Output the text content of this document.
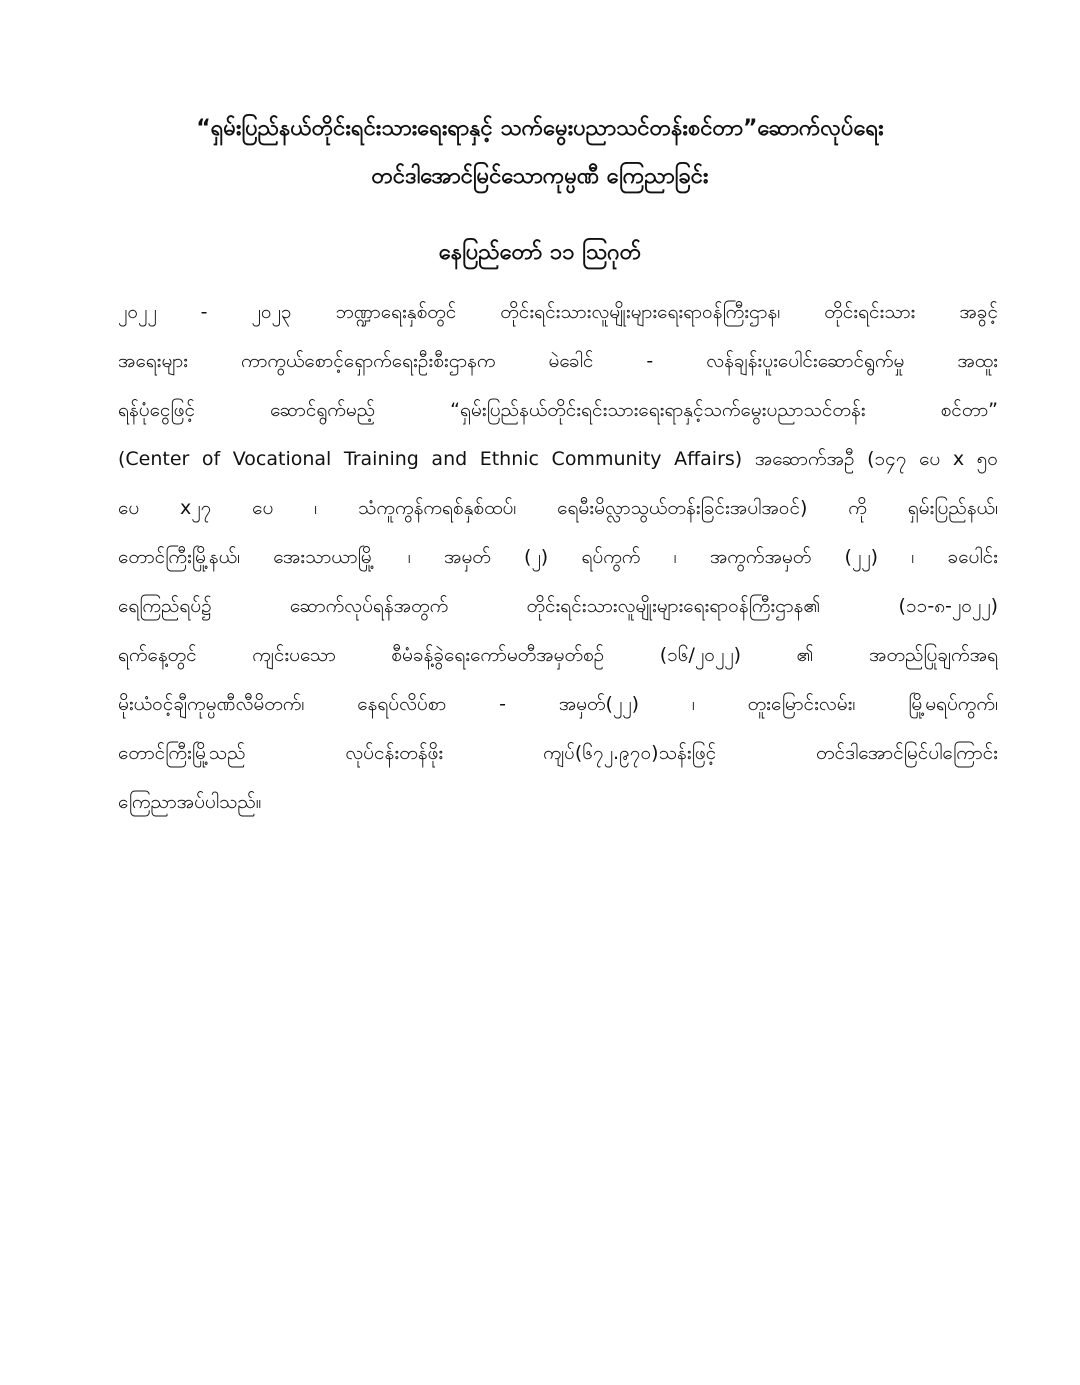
“ရှမ်းပြည်နယ်တိုင်းရင်းသားရေးရာနှင့် သက်မွေးပညာသင်တန်းစင်တာ”ဆောက်လုပ်ရေး
တင်ဒါအောင်မြင်သောကုမ္ပဏီ ကြေညာခြင်း
နေပြည်တော် ၁၁ ဩဂုတ်
၂၀၂၂ - ၂၀၂၃ ဘဏ္ဍာရေးနှစ်တွင် တိုင်းရင်းသားလူမျိုးများရေးရာဝန်ကြီးဌာန၊ တိုင်းရင်းသား အခွင့်
အရေးများ ကာကွယ်စောင့်ရှောက်ရေးဦးစီးဌာနက မဲခေါင် - လန်ချန်းပူးပေါင်းဆောင်ရွက်မှု အထူး
ရန်ပုံငွေဖြင့် ဆောင်ရွက်မည့် “ရှမ်းပြည်နယ်တိုင်းရင်းသားရေးရာနှင့်သက်မွေးပညာသင်တန်း စင်တာ”
(Center of Vocational Training and Ethnic Community Affairs) အဆောက်အဦ (၁၄၇ ပေ x ၅၀
ပေ x၂၇ ပေ ၊ သံကူကွန်ကရစ်နှစ်ထပ်၊ ရေမီးမိလ္လာသွယ်တန်းခြင်းအပါအဝင်) ကို ရှမ်းပြည်နယ်၊
တောင်ကြီးမြို့နယ်၊ အေးသာယာမြို့ ၊ အမှတ် (၂) ရပ်ကွက် ၊ အကွက်အမှတ် (၂၂) ၊ ခပေါင်း
ရေကြည်ရပ်၌ ဆောက်လုပ်ရန်အတွက် တိုင်းရင်းသားလူမျိုးများရေးရာဝန်ကြီးဌာန၏ (၁၁-၈-၂၀၂၂)
ရက်နေ့တွင် ကျင်းပသော စီမံခန့်ခွဲရေးကော်မတီအမှတ်စဉ် (၁၆/၂၀၂၂) ၏ အတည်ပြုချက်အရ
မိုးယံဝင့်ချီကုမ္ပဏီလီမိတက်၊ နေရပ်လိပ်စာ - အမှတ်(၂၂) ၊ တူးမြောင်းလမ်း၊ မြို့မရပ်ကွက်၊
တောင်ကြီးမြို့သည် လုပ်ငန်းတန်ဖိုး ကျပ်(၆၇၂.၉၇၀)သန်းဖြင့် တင်ဒါအောင်မြင်ပါကြောင်း
ကြေညာအပ်ပါသည်။
